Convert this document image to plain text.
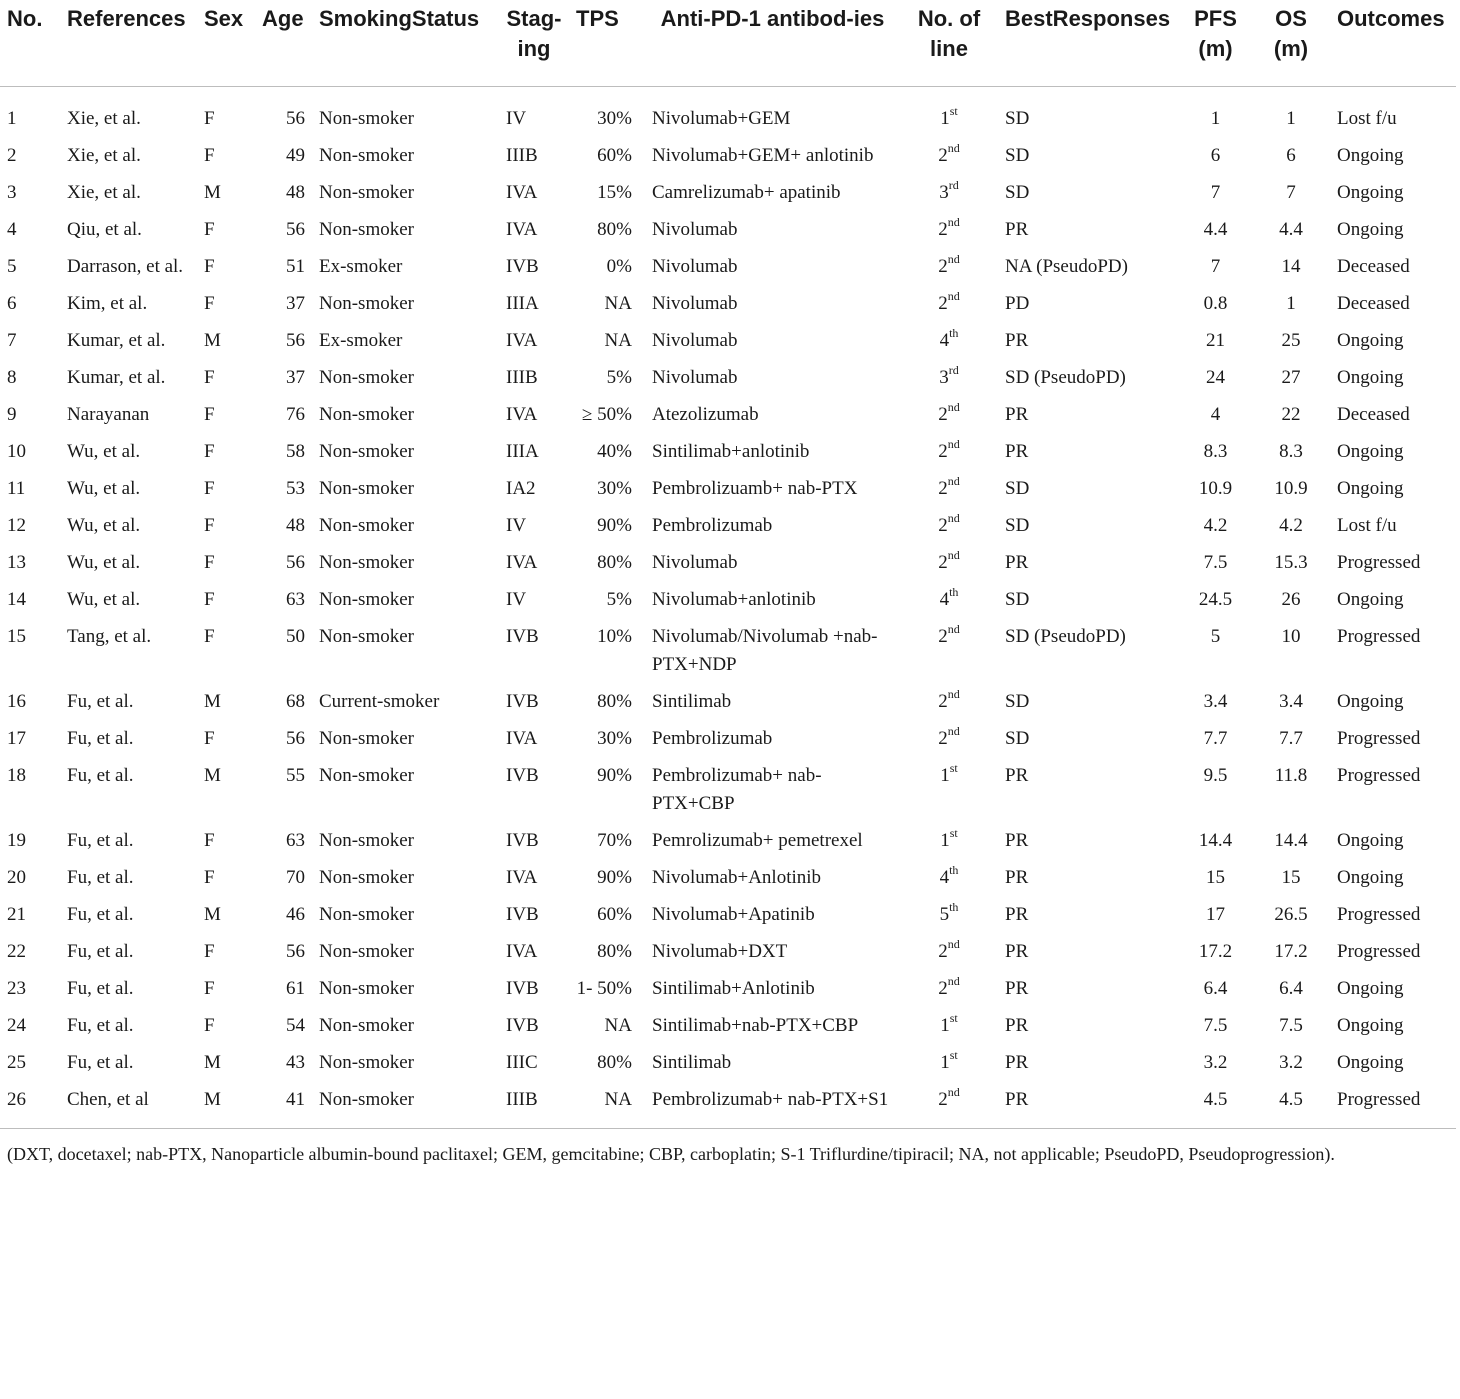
No.	References	Sex	Age	SmokingStatus	Stag-ing	TPS	Anti-PD-1 antibod-ies	No. of line	BestResponses	PFS (m)	OS (m)	Outcomes
1	Xie, et al.	F	56	Non-smoker	IV	30%	Nivolumab+GEM	1st	SD	1	1	Lost f/u
2	Xie, et al.	F	49	Non-smoker	IIIB	60%	Nivolumab+GEM+ anlotinib	2nd	SD	6	6	Ongoing
3	Xie, et al.	M	48	Non-smoker	IVA	15%	Camrelizumab+ apatinib	3rd	SD	7	7	Ongoing
4	Qiu, et al.	F	56	Non-smoker	IVA	80%	Nivolumab	2nd	PR	4.4	4.4	Ongoing
5	Darrason, et al.	F	51	Ex-smoker	IVB	0%	Nivolumab	2nd	NA (PseudoPD)	7	14	Deceased
6	Kim, et al.	F	37	Non-smoker	IIIA	NA	Nivolumab	2nd	PD	0.8	1	Deceased
7	Kumar, et al.	M	56	Ex-smoker	IVA	NA	Nivolumab	4th	PR	21	25	Ongoing
8	Kumar, et al.	F	37	Non-smoker	IIIB	5%	Nivolumab	3rd	SD (PseudoPD)	24	27	Ongoing
9	Narayanan	F	76	Non-smoker	IVA	≥ 50%	Atezolizumab	2nd	PR	4	22	Deceased
10	Wu, et al.	F	58	Non-smoker	IIIA	40%	Sintilimab+anlotinib	2nd	PR	8.3	8.3	Ongoing
11	Wu, et al.	F	53	Non-smoker	IA2	30%	Pembrolizuamb+ nab-PTX	2nd	SD	10.9	10.9	Ongoing
12	Wu, et al.	F	48	Non-smoker	IV	90%	Pembrolizumab	2nd	SD	4.2	4.2	Lost f/u
13	Wu, et al.	F	56	Non-smoker	IVA	80%	Nivolumab	2nd	PR	7.5	15.3	Progressed
14	Wu, et al.	F	63	Non-smoker	IV	5%	Nivolumab+anlotinib	4th	SD	24.5	26	Ongoing
15	Tang, et al.	F	50	Non-smoker	IVB	10%	Nivolumab/Nivolumab +nab-PTX+NDP	2nd	SD (PseudoPD)	5	10	Progressed
16	Fu, et al.	M	68	Current-smoker	IVB	80%	Sintilimab	2nd	SD	3.4	3.4	Ongoing
17	Fu, et al.	F	56	Non-smoker	IVA	30%	Pembrolizumab	2nd	SD	7.7	7.7	Progressed
18	Fu, et al.	M	55	Non-smoker	IVB	90%	Pembrolizumab+ nab-PTX+CBP	1st	PR	9.5	11.8	Progressed
19	Fu, et al.	F	63	Non-smoker	IVB	70%	Pemrolizumab+ pemetrexel	1st	PR	14.4	14.4	Ongoing
20	Fu, et al.	F	70	Non-smoker	IVA	90%	Nivolumab+Anlotinib	4th	PR	15	15	Ongoing
21	Fu, et al.	M	46	Non-smoker	IVB	60%	Nivolumab+Apatinib	5th	PR	17	26.5	Progressed
22	Fu, et al.	F	56	Non-smoker	IVA	80%	Nivolumab+DXT	2nd	PR	17.2	17.2	Progressed
23	Fu, et al.	F	61	Non-smoker	IVB	1- 50%	Sintilimab+Anlotinib	2nd	PR	6.4	6.4	Ongoing
24	Fu, et al.	F	54	Non-smoker	IVB	NA	Sintilimab+nab-PTX+CBP	1st	PR	7.5	7.5	Ongoing
25	Fu, et al.	M	43	Non-smoker	IIIC	80%	Sintilimab	1st	PR	3.2	3.2	Ongoing
26	Chen, et al	M	41	Non-smoker	IIIB	NA	Pembrolizumab+ nab-PTX+S1	2nd	PR	4.5	4.5	Progressed
(DXT, docetaxel; nab-PTX, Nanoparticle albumin-bound paclitaxel; GEM, gemcitabine; CBP, carboplatin; S-1 Triflurdine/tipiracil; NA, not applicable; PseudoPD, Pseudoprogression).
